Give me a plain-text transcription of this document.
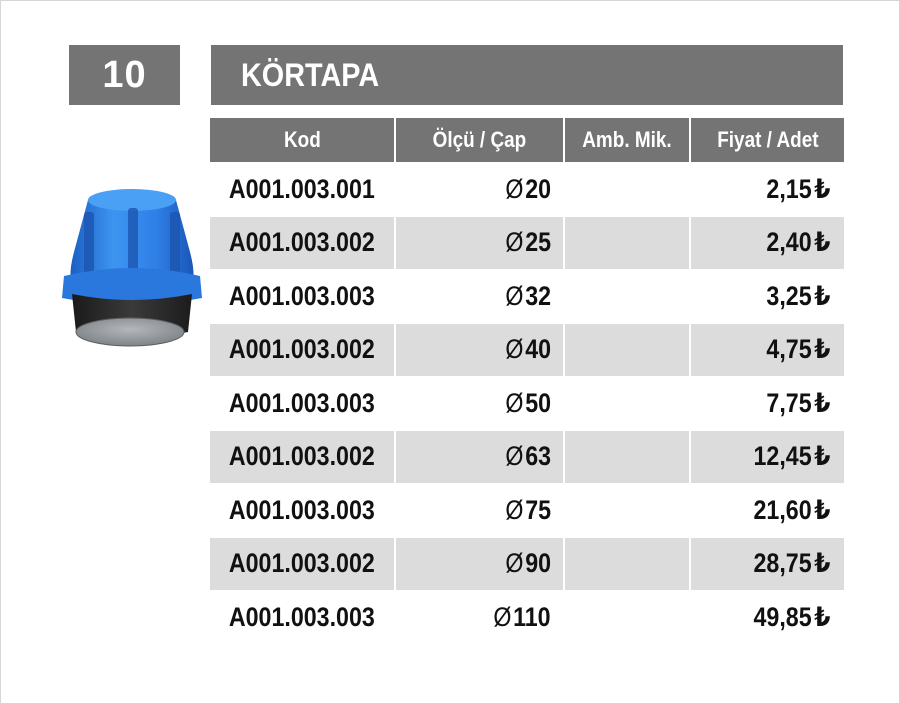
10	KÖRTAPA
Kod	Ölçü / Çap	Amb. Mik.	Fiyat / Adet
A001.003.001	Ø20		2,15₺
A001.003.002	Ø25		2,40₺
A001.003.003	Ø32		3,25₺
A001.003.002	Ø40		4,75₺
A001.003.003	Ø50		7,75₺
A001.003.002	Ø63		12,45₺
A001.003.003	Ø75		21,60₺
A001.003.002	Ø90		28,75₺
A001.003.003	Ø110		49,85₺
